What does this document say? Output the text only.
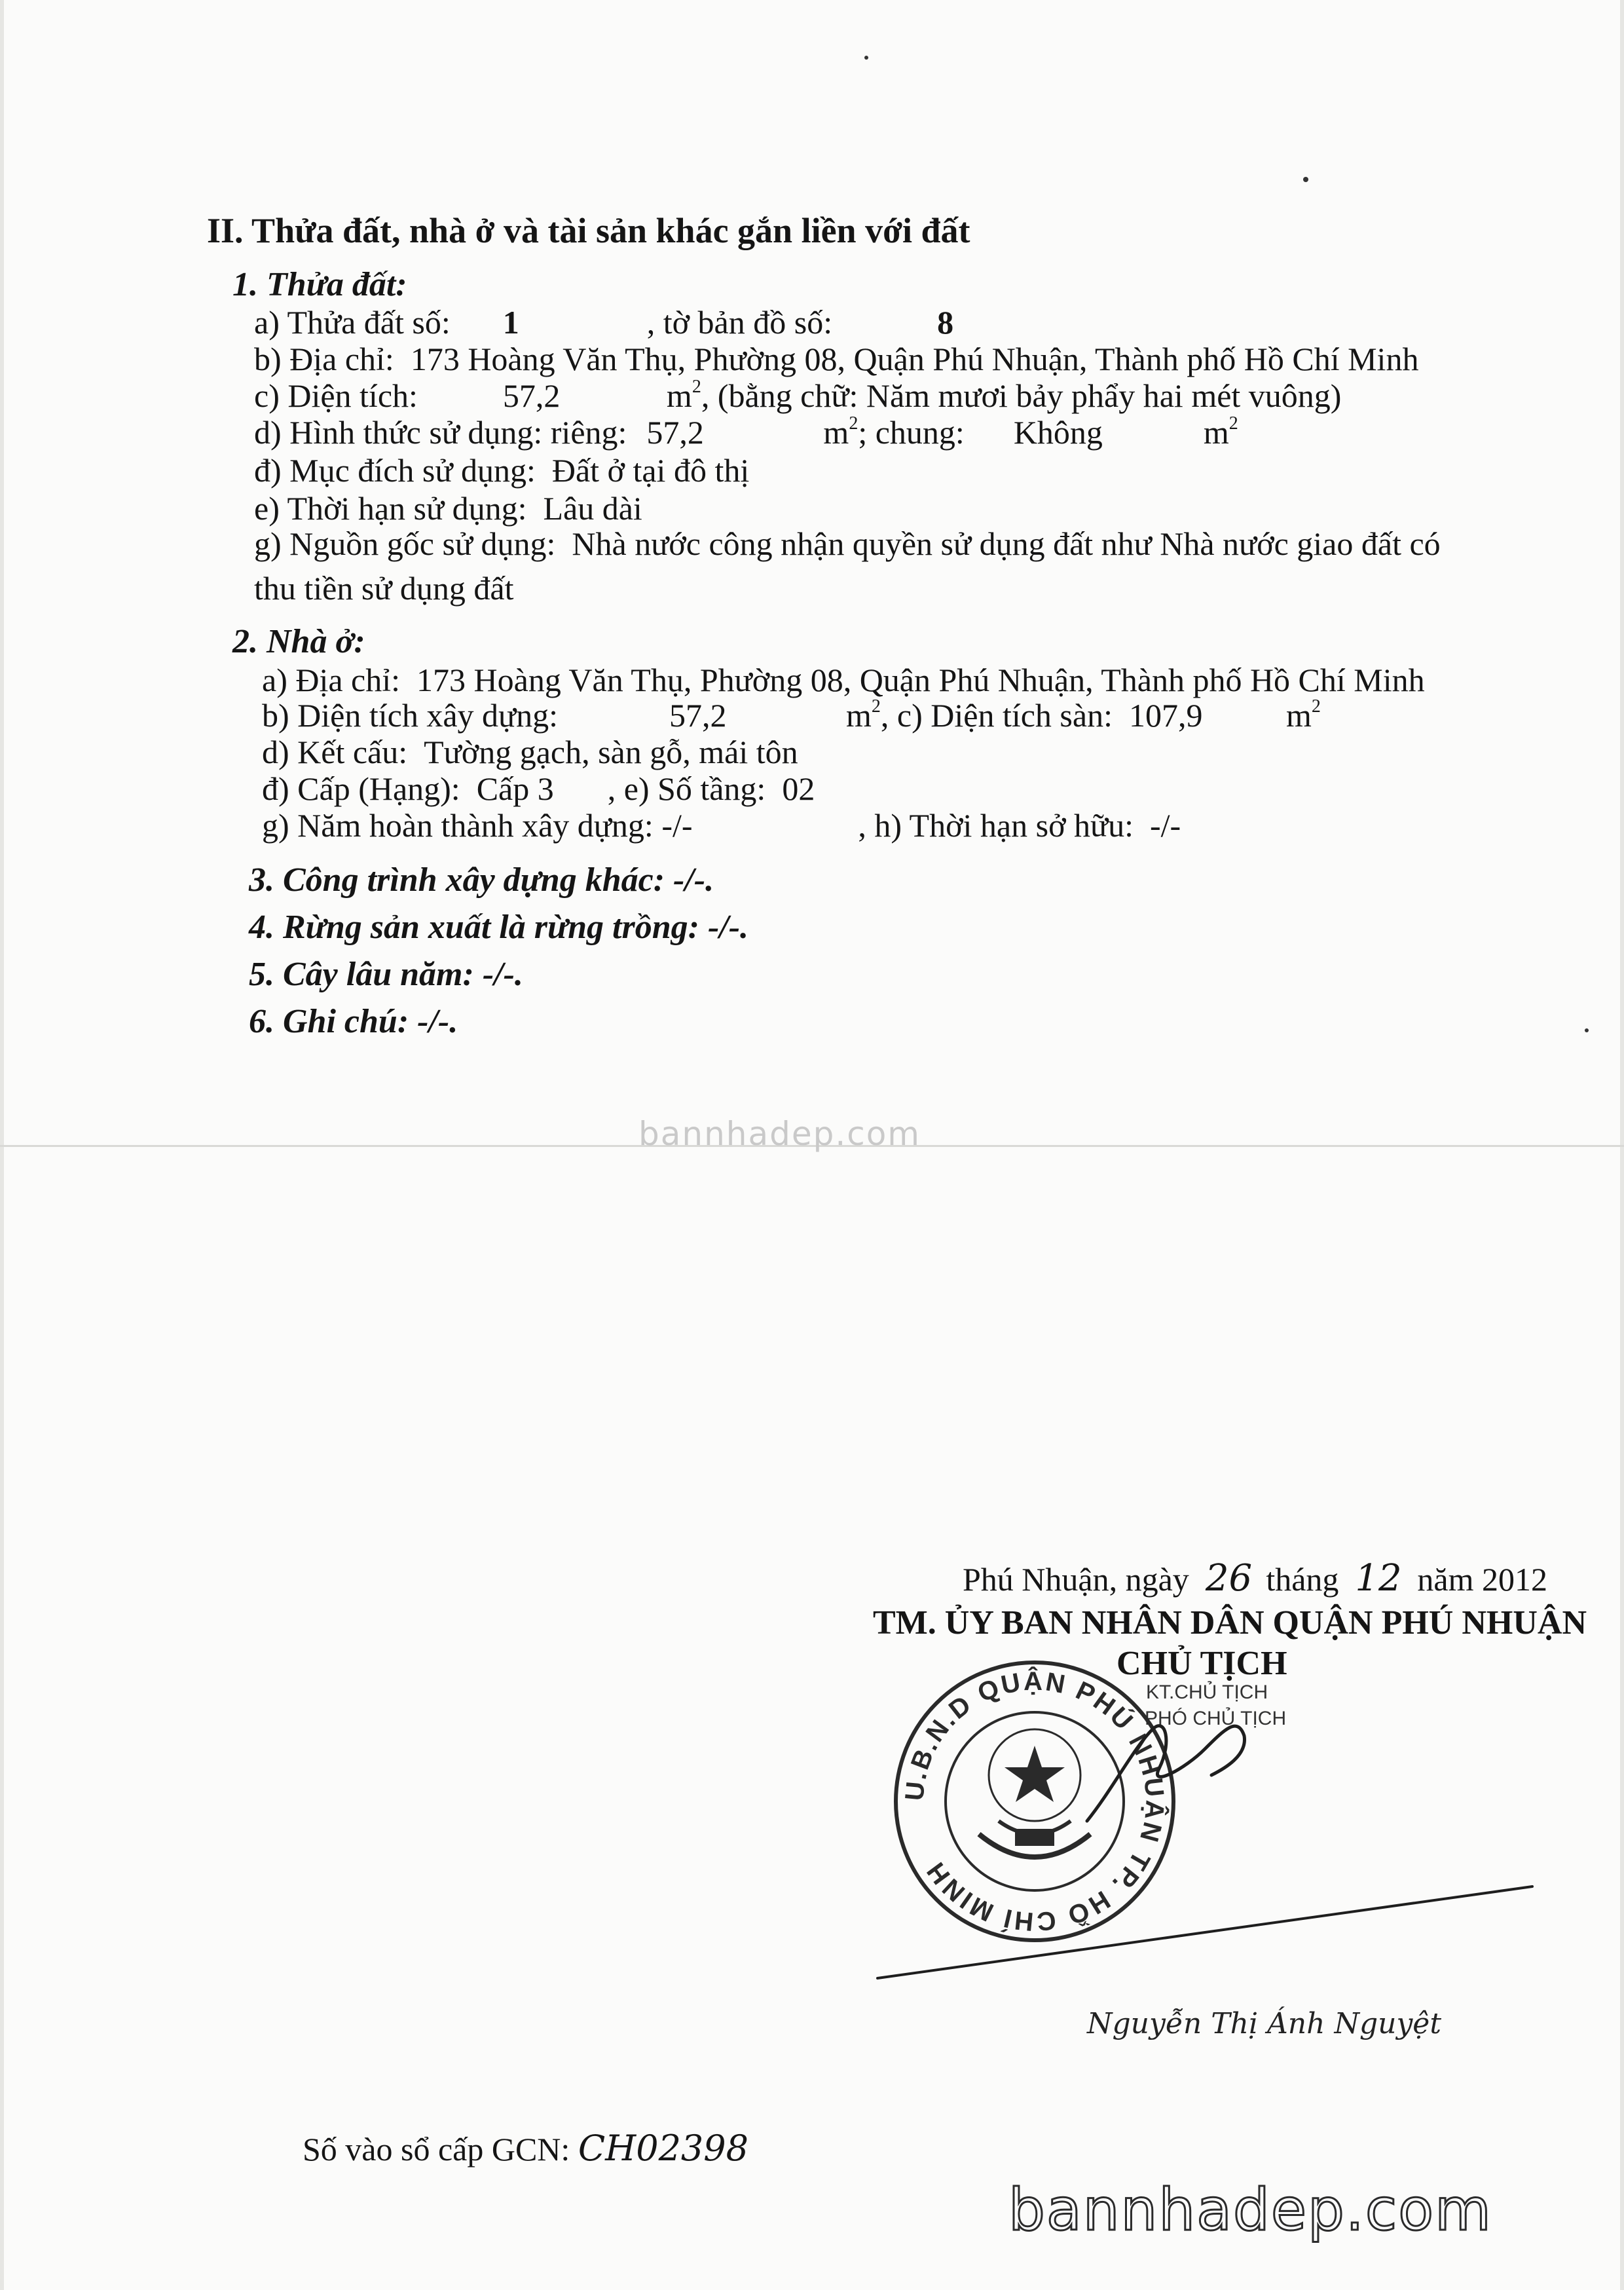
II. Thửa đất, nhà ở và tài sản khác gắn liền với đất
1. Thửa đất:
a) Thửa đất số: 1	, tờ bản đồ số:	8
b) Địa chỉ: 173 Hoàng Văn Thụ, Phường 08, Quận Phú Nhuận, Thành phố Hồ Chí Minh
c) Diện tích:	57,2	$m^2$, (bằng chữ: Năm mươi bảy phẩy hai mét vuông)
d) Hình thức sử dụng: riêng: 57,2	$m^2$; chung: Không	$m^2$
đ) Mục đích sử dụng: Đất ở tại đô thị
e) Thời hạn sử dụng: Lâu dài
g) Nguồn gốc sử dụng: Nhà nước công nhận quyền sử dụng đất như Nhà nước giao đất có
thu tiền sử dụng đất
2. Nhà ở:
a) Địa chỉ: 173 Hoàng Văn Thụ, Phường 08, Quận Phú Nhuận, Thành phố Hồ Chí Minh
b) Diện tích xây dựng:	57,2	$m^2$, c) Diện tích sàn: 107,9	$m^2$
d) Kết cấu: Tường gạch, sàn gỗ, mái tôn
đ) Cấp (Hạng): Cấp 3 , e) Số tầng: 02
g) Năm hoàn thành xây dựng: -/-	, h) Thời hạn sở hữu: -/-
3. Công trình xây dựng khác: -/-.
4. Rừng sản xuất là rừng trồng: -/-.
5. Cây lâu năm: -/-.
6. Ghi chú: -/-.
bannhadep.com
Phú Nhuận, ngày 26 tháng 12 năm 2012
TM. ỦY BAN NHÂN DÂN QUẬN PHÚ NHUẬN
CHỦ TỊCH
KT.CHỦ TỊCH
PHÓ CHỦ TỊCH
U.B.N.D QUẬN PHÚ NHUẬN TP. HỒ CHÍ MINH
Nguyễn Thị Ánh Nguyệt
Số vào sổ cấp GCN: CH02398
bannhadep.com
